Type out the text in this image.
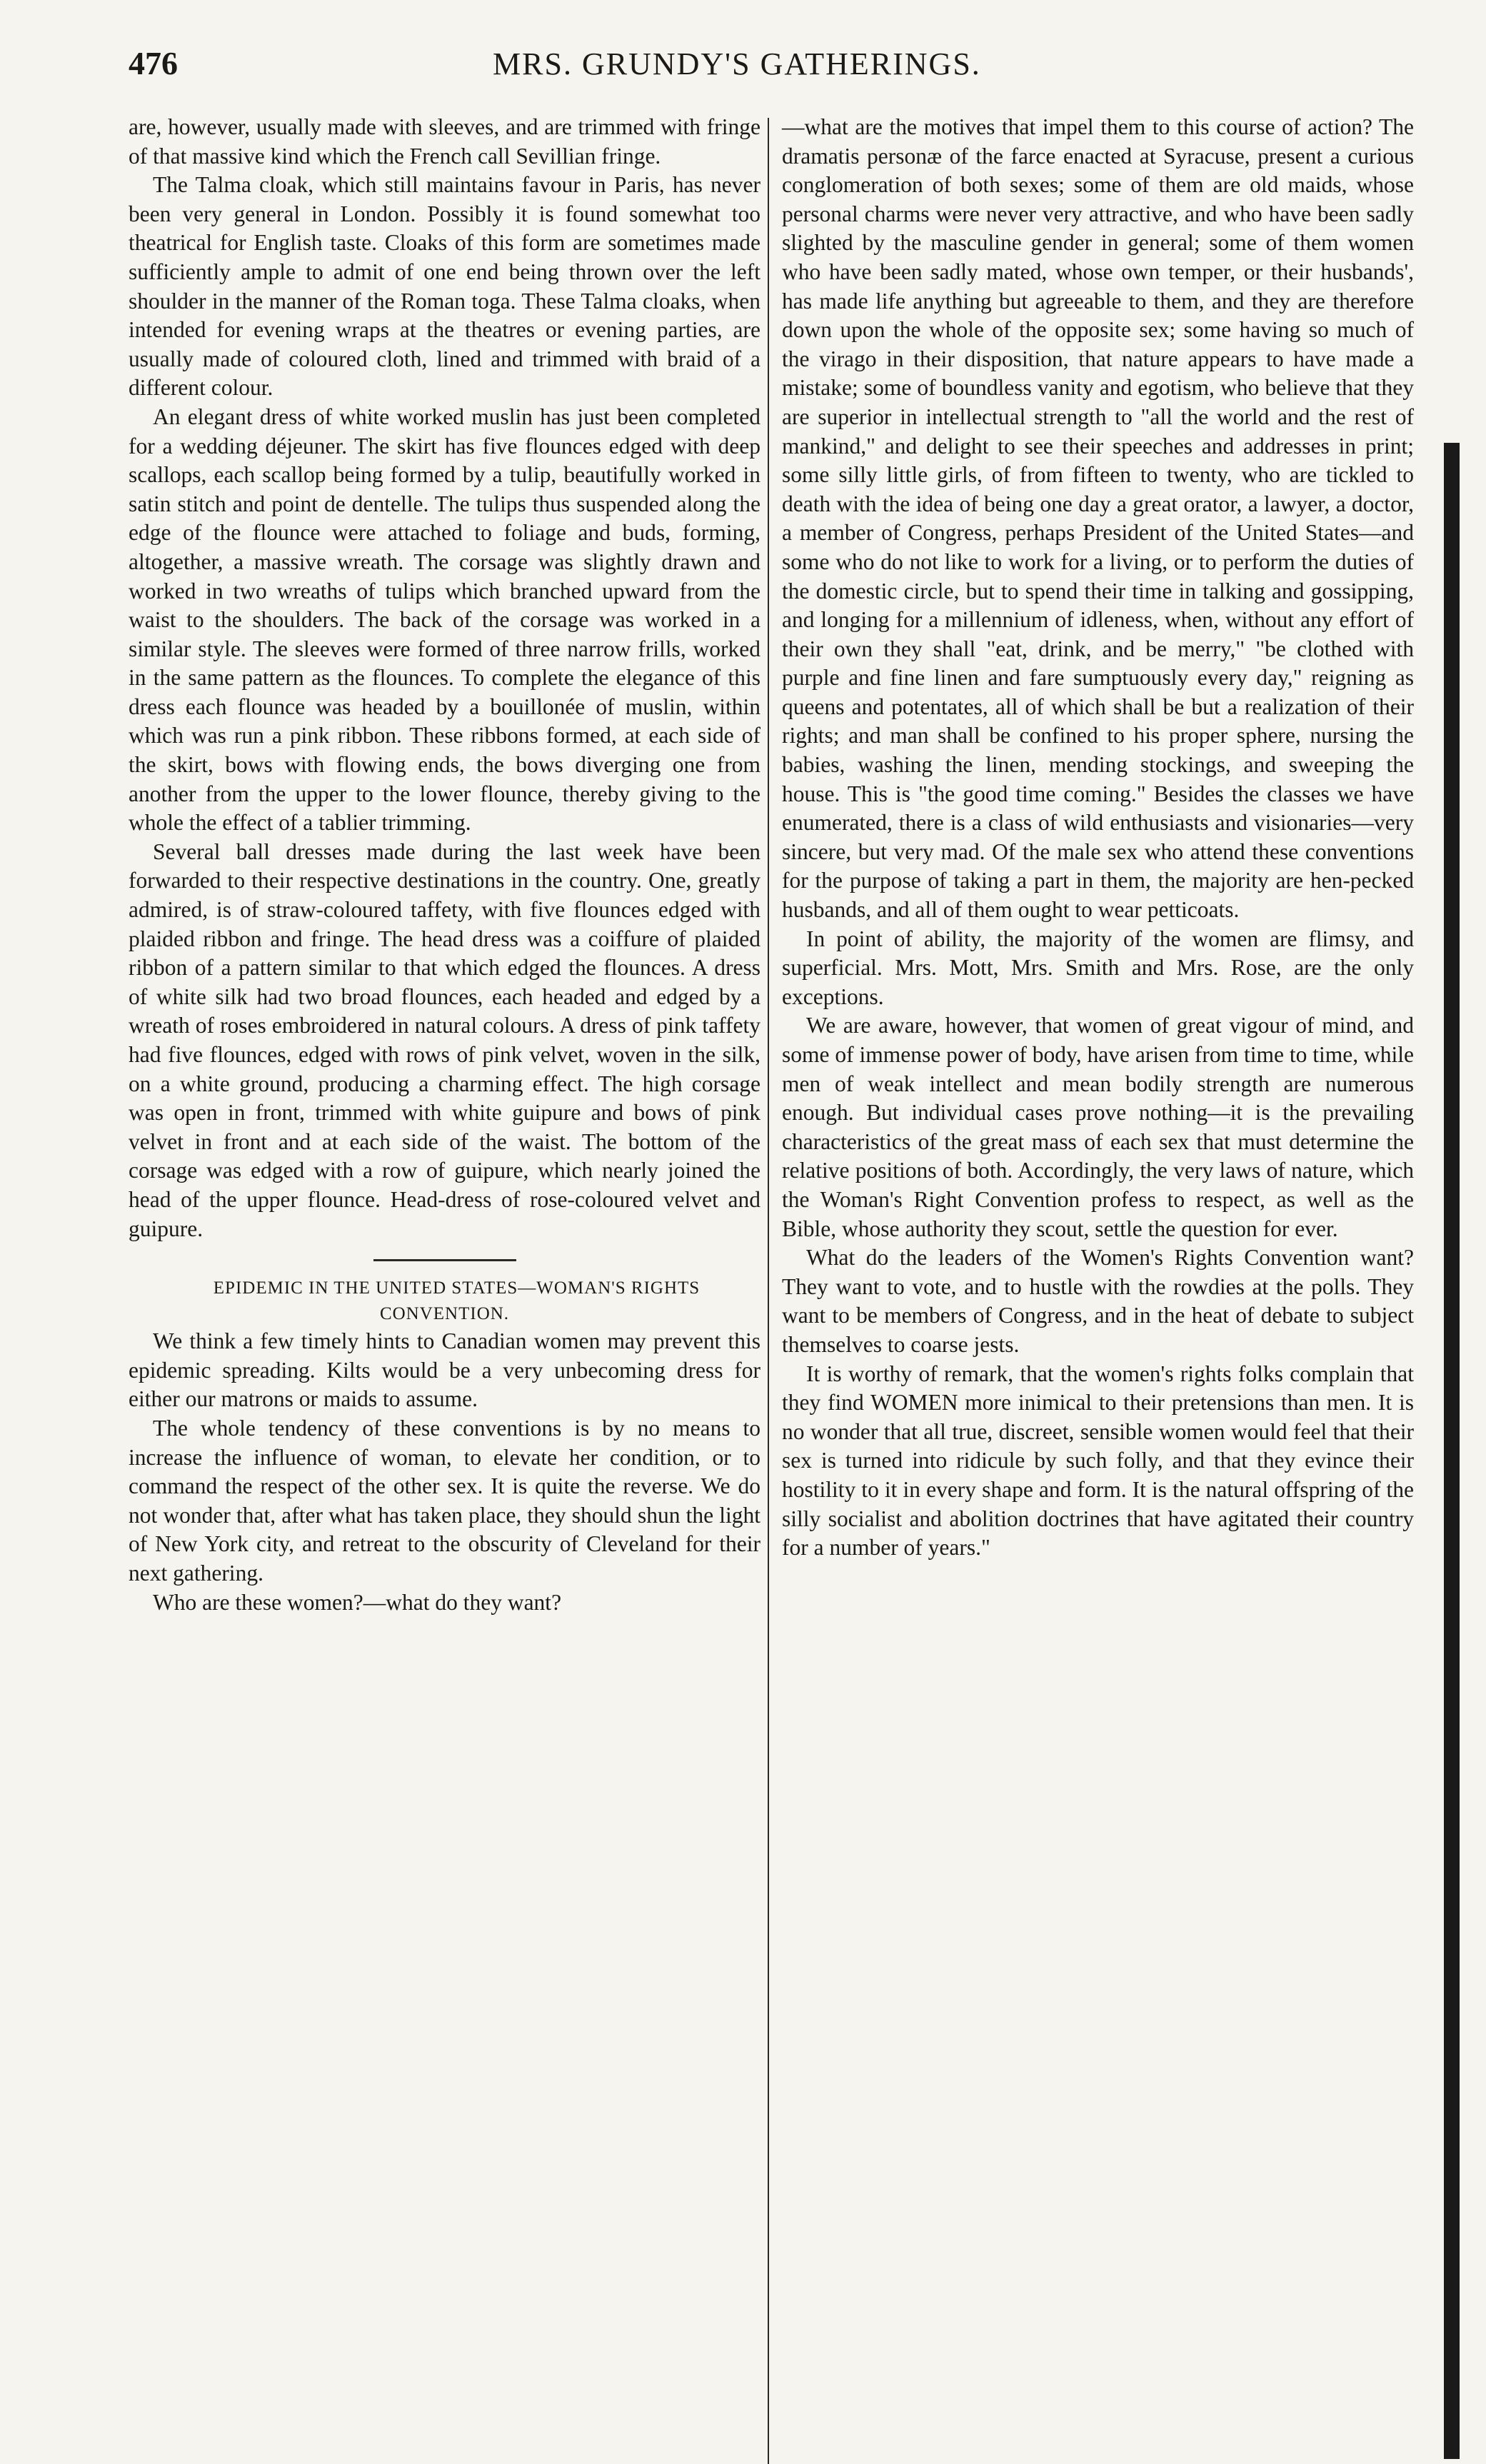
476	MRS. GRUNDY'S GATHERINGS.

are, however, usually made with sleeves, and are trimmed with fringe of that massive kind which the French call Sevillian fringe.

The Talma cloak, which still maintains favour in Paris, has never been very general in London. Possibly it is found somewhat too theatrical for English taste. Cloaks of this form are sometimes made sufficiently ample to admit of one end being thrown over the left shoulder in the manner of the Roman toga. These Talma cloaks, when intended for evening wraps at the theatres or evening parties, are usually made of coloured cloth, lined and trimmed with braid of a different colour.

An elegant dress of white worked muslin has just been completed for a wedding déjeuner. The skirt has five flounces edged with deep scallops, each scallop being formed by a tulip, beautifully worked in satin stitch and point de dentelle. The tulips thus suspended along the edge of the flounce were attached to foliage and buds, forming, altogether, a massive wreath. The corsage was slightly drawn and worked in two wreaths of tulips which branched upward from the waist to the shoulders. The back of the corsage was worked in a similar style. The sleeves were formed of three narrow frills, worked in the same pattern as the flounces. To complete the elegance of this dress each flounce was headed by a bouillonée of muslin, within which was run a pink ribbon. These ribbons formed, at each side of the skirt, bows with flowing ends, the bows diverging one from another from the upper to the lower flounce, thereby giving to the whole the effect of a tablier trimming.

Several ball dresses made during the last week have been forwarded to their respective destinations in the country. One, greatly admired, is of straw-coloured taffety, with five flounces edged with plaided ribbon and fringe. The head dress was a coiffure of plaided ribbon of a pattern similar to that which edged the flounces. A dress of white silk had two broad flounces, each headed and edged by a wreath of roses embroidered in natural colours. A dress of pink taffety had five flounces, edged with rows of pink velvet, woven in the silk, on a white ground, producing a charming effect. The high corsage was open in front, trimmed with white guipure and bows of pink velvet in front and at each side of the waist. The bottom of the corsage was edged with a row of guipure, which nearly joined the head of the upper flounce. Head-dress of rose-coloured velvet and guipure.

EPIDEMIC IN THE UNITED STATES—WOMAN'S RIGHTS CONVENTION.

We think a few timely hints to Canadian women may prevent this epidemic spreading. Kilts would be a very unbecoming dress for either our matrons or maids to assume.

The whole tendency of these conventions is by no means to increase the influence of woman, to elevate her condition, or to command the respect of the other sex. It is quite the reverse. We do not wonder that, after what has taken place, they should shun the light of New York city, and retreat to the obscurity of Cleveland for their next gathering.

Who are these women?—what do they want?

—what are the motives that impel them to this course of action? The dramatis personæ of the farce enacted at Syracuse, present a curious conglomeration of both sexes; some of them are old maids, whose personal charms were never very attractive, and who have been sadly slighted by the masculine gender in general; some of them women who have been sadly mated, whose own temper, or their husbands', has made life anything but agreeable to them, and they are therefore down upon the whole of the opposite sex; some having so much of the virago in their disposition, that nature appears to have made a mistake; some of boundless vanity and egotism, who believe that they are superior in intellectual strength to "all the world and the rest of mankind," and delight to see their speeches and addresses in print; some silly little girls, of from fifteen to twenty, who are tickled to death with the idea of being one day a great orator, a lawyer, a doctor, a member of Congress, perhaps President of the United States—and some who do not like to work for a living, or to perform the duties of the domestic circle, but to spend their time in talking and gossipping, and longing for a millennium of idleness, when, without any effort of their own they shall "eat, drink, and be merry," "be clothed with purple and fine linen and fare sumptuously every day," reigning as queens and potentates, all of which shall be but a realization of their rights; and man shall be confined to his proper sphere, nursing the babies, washing the linen, mending stockings, and sweeping the house. This is "the good time coming." Besides the classes we have enumerated, there is a class of wild enthusiasts and visionaries—very sincere, but very mad. Of the male sex who attend these conventions for the purpose of taking a part in them, the majority are hen-pecked husbands, and all of them ought to wear petticoats.

In point of ability, the majority of the women are flimsy, and superficial. Mrs. Mott, Mrs. Smith and Mrs. Rose, are the only exceptions.

We are aware, however, that women of great vigour of mind, and some of immense power of body, have arisen from time to time, while men of weak intellect and mean bodily strength are numerous enough. But individual cases prove nothing—it is the prevailing characteristics of the great mass of each sex that must determine the relative positions of both. Accordingly, the very laws of nature, which the Woman's Right Convention profess to respect, as well as the Bible, whose authority they scout, settle the question for ever.

What do the leaders of the Women's Rights Convention want? They want to vote, and to hustle with the rowdies at the polls. They want to be members of Congress, and in the heat of debate to subject themselves to coarse jests.

It is worthy of remark, that the women's rights folks complain that they find WOMEN more inimical to their pretensions than men. It is no wonder that all true, discreet, sensible women would feel that their sex is turned into ridicule by such folly, and that they evince their hostility to it in every shape and form. It is the natural offspring of the silly socialist and abolition doctrines that have agitated their country for a number of years."
